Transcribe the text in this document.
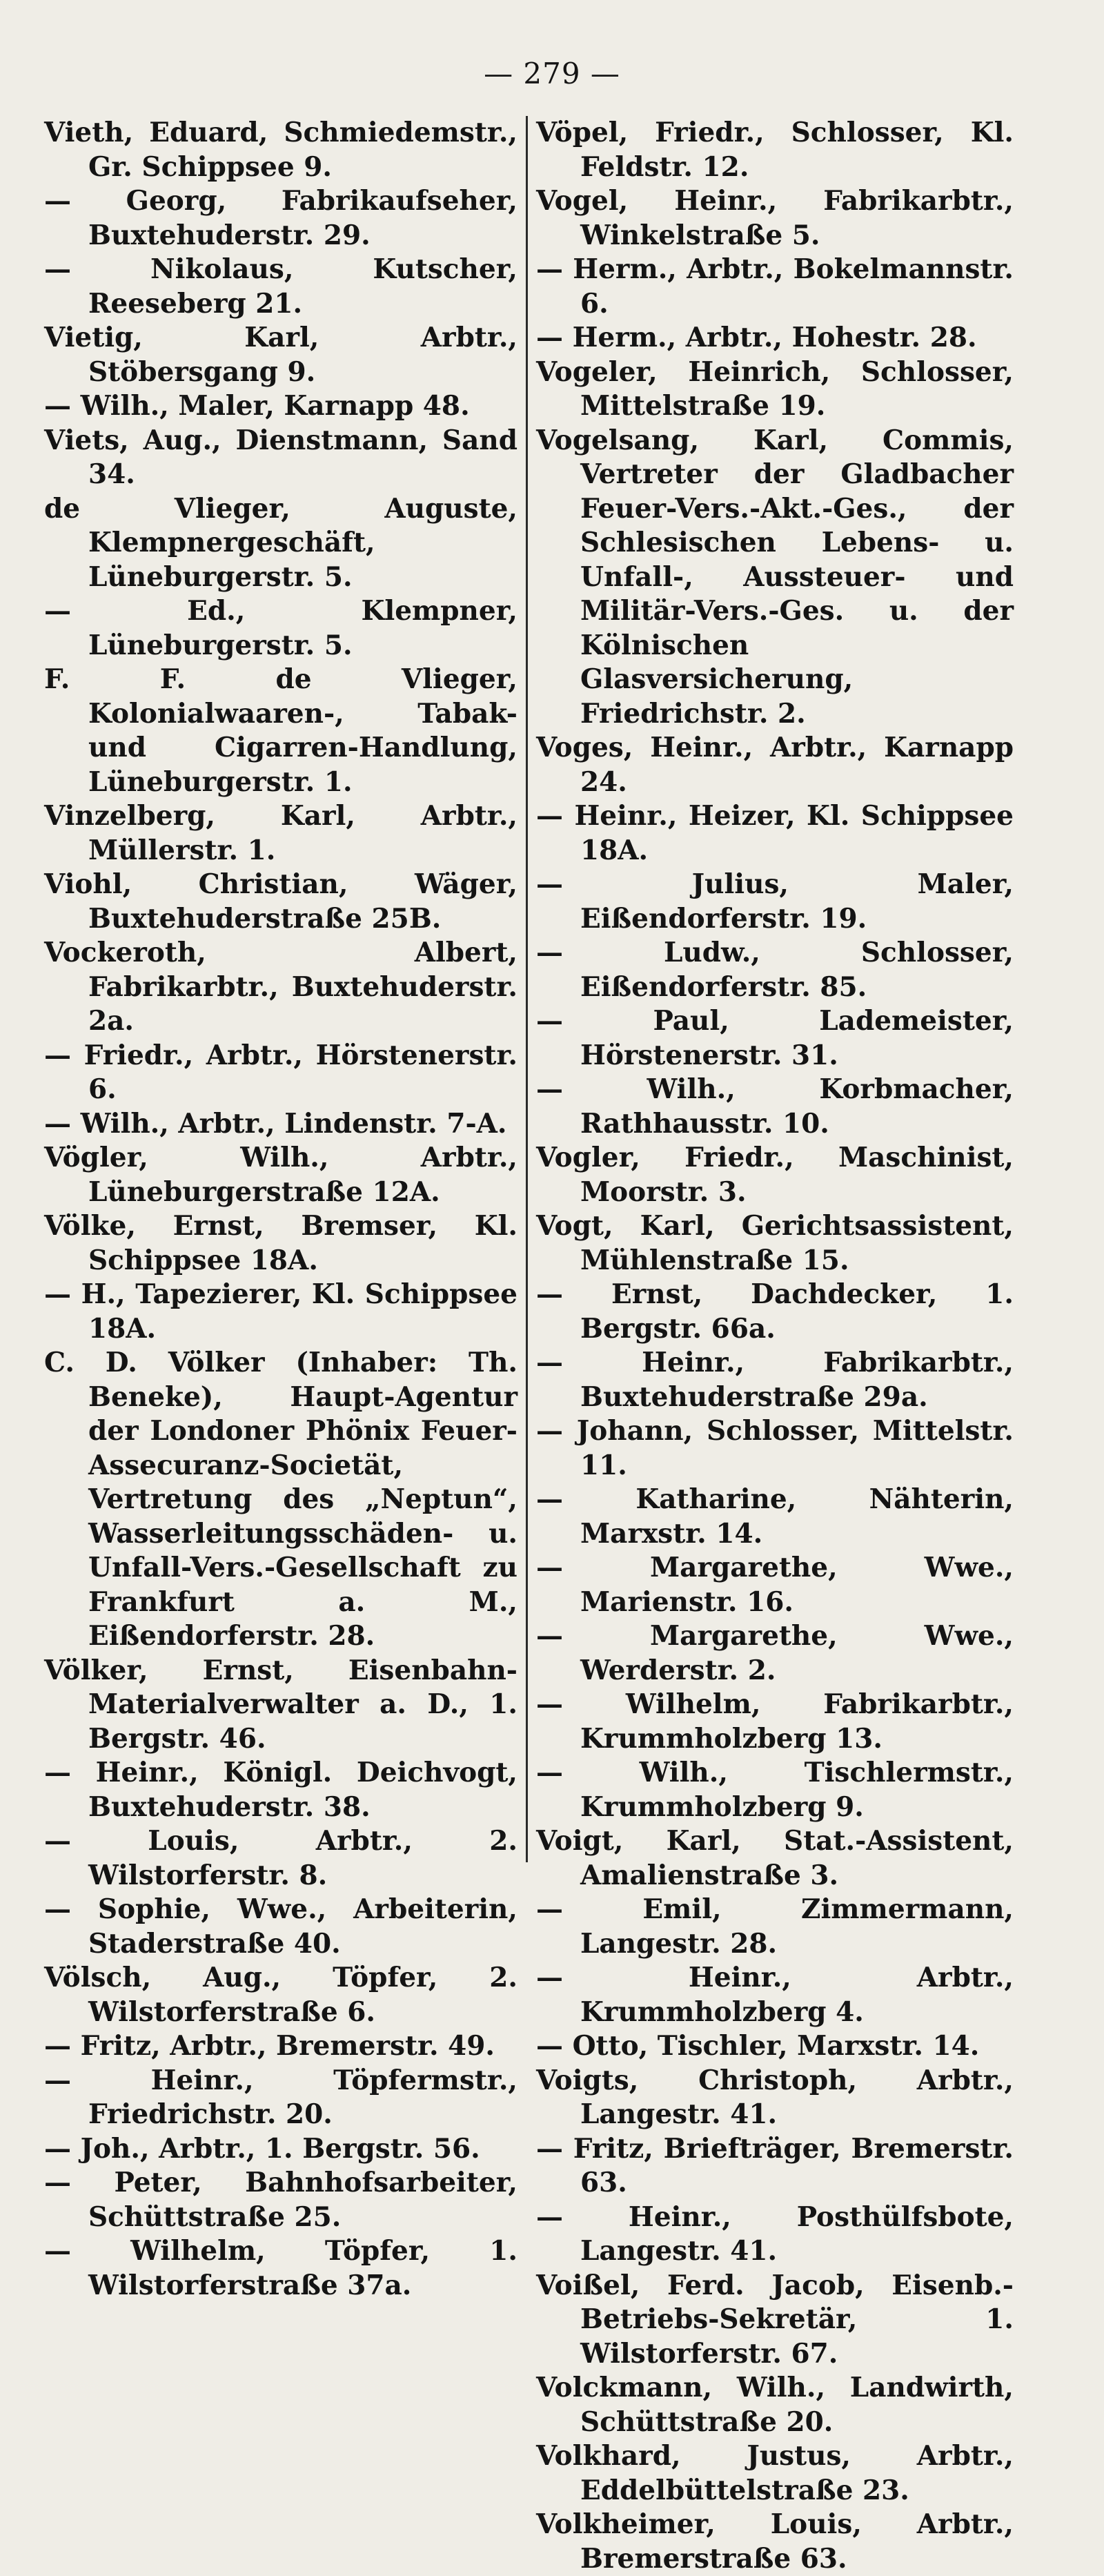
— 279 —

Vieth, Eduard, Schmiedemstr., Gr. Schippsee 9.

— Georg, Fabrikaufseher, Buxtehuderstr. 29.

— Nikolaus, Kutscher, Reeseberg 21.

Vietig, Karl, Arbtr., Stöbersgang 9.

— Wilh., Maler, Karnapp 48.

Viets, Aug., Dienstmann, Sand 34.

de Vlieger, Auguste, Klempnergeschäft, Lüneburgerstr. 5.

— Ed., Klempner, Lüneburgerstr. 5.

F. F. de Vlieger, Kolonialwaaren-, Tabak- und Cigarren-Handlung, Lüneburgerstr. 1.

Vinzelberg, Karl, Arbtr., Müllerstr. 1.

Viohl, Christian, Wäger, Buxtehuderstraße 25B.

Vockeroth, Albert, Fabrikarbtr., Buxtehuderstr. 2a.

— Friedr., Arbtr., Hörstenerstr. 6.

— Wilh., Arbtr., Lindenstr. 7-A.

Vögler, Wilh., Arbtr., Lüneburgerstraße 12A.

Völke, Ernst, Bremser, Kl. Schippsee 18A.

— H., Tapezierer, Kl. Schippsee 18A.

C. D. Völker (Inhaber: Th. Beneke), Haupt-Agentur der Londoner Phönix Feuer-Assecuranz-Societät, Vertretung des „Neptun“, Wasserleitungsschäden- u. Unfall-Vers.-Gesellschaft zu Frankfurt a. M., Eißendorferstr. 28.

Völker, Ernst, Eisenbahn-Materialverwalter a. D., 1. Bergstr. 46.

— Heinr., Königl. Deichvogt, Buxtehuderstr. 38.

— Louis, Arbtr., 2. Wilstorferstr. 8.

— Sophie, Wwe., Arbeiterin, Staderstraße 40.

Völsch, Aug., Töpfer, 2. Wilstorferstraße 6.

— Fritz, Arbtr., Bremerstr. 49.

— Heinr., Töpfermstr., Friedrichstr. 20.

— Joh., Arbtr., 1. Bergstr. 56.

— Peter, Bahnhofsarbeiter, Schüttstraße 25.

— Wilhelm, Töpfer, 1. Wilstorferstraße 37a.

Vöpel, Friedr., Schlosser, Kl. Feldstr. 12.

Vogel, Heinr., Fabrikarbtr., Winkelstraße 5.

— Herm., Arbtr., Bokelmannstr. 6.

— Herm., Arbtr., Hohestr. 28.

Vogeler, Heinrich, Schlosser, Mittelstraße 19.

Vogelsang, Karl, Commis, Vertreter der Gladbacher Feuer-Vers.-Akt.-Ges., der Schlesischen Lebens- u. Unfall-, Aussteuer- und Militär-Vers.-Ges. u. der Kölnischen Glasversicherung, Friedrichstr. 2.

Voges, Heinr., Arbtr., Karnapp 24.

— Heinr., Heizer, Kl. Schippsee 18A.

— Julius, Maler, Eißendorferstr. 19.

— Ludw., Schlosser, Eißendorferstr. 85.

— Paul, Lademeister, Hörstenerstr. 31.

— Wilh., Korbmacher, Rathhausstr. 10.

Vogler, Friedr., Maschinist, Moorstr. 3.

Vogt, Karl, Gerichtsassistent, Mühlenstraße 15.

— Ernst, Dachdecker, 1. Bergstr. 66a.

— Heinr., Fabrikarbtr., Buxtehuderstraße 29a.

— Johann, Schlosser, Mittelstr. 11.

— Katharine, Nähterin, Marxstr. 14.

— Margarethe, Wwe., Marienstr. 16.

— Margarethe, Wwe., Werderstr. 2.

— Wilhelm, Fabrikarbtr., Krummholzberg 13.

— Wilh., Tischlermstr., Krummholzberg 9.

Voigt, Karl, Stat.-Assistent, Amalienstraße 3.

— Emil, Zimmermann, Langestr. 28.

— Heinr., Arbtr., Krummholzberg 4.

— Otto, Tischler, Marxstr. 14.

Voigts, Christoph, Arbtr., Langestr. 41.

— Fritz, Briefträger, Bremerstr. 63.

— Heinr., Posthülfsbote, Langestr. 41.

Voißel, Ferd. Jacob, Eisenb.-Betriebs-Sekretär, 1. Wilstorferstr. 67.

Volckmann, Wilh., Landwirth, Schüttstraße 20.

Volkhard, Justus, Arbtr., Eddelbüttelstraße 23.

Volkheimer, Louis, Arbtr., Bremerstraße 63.
